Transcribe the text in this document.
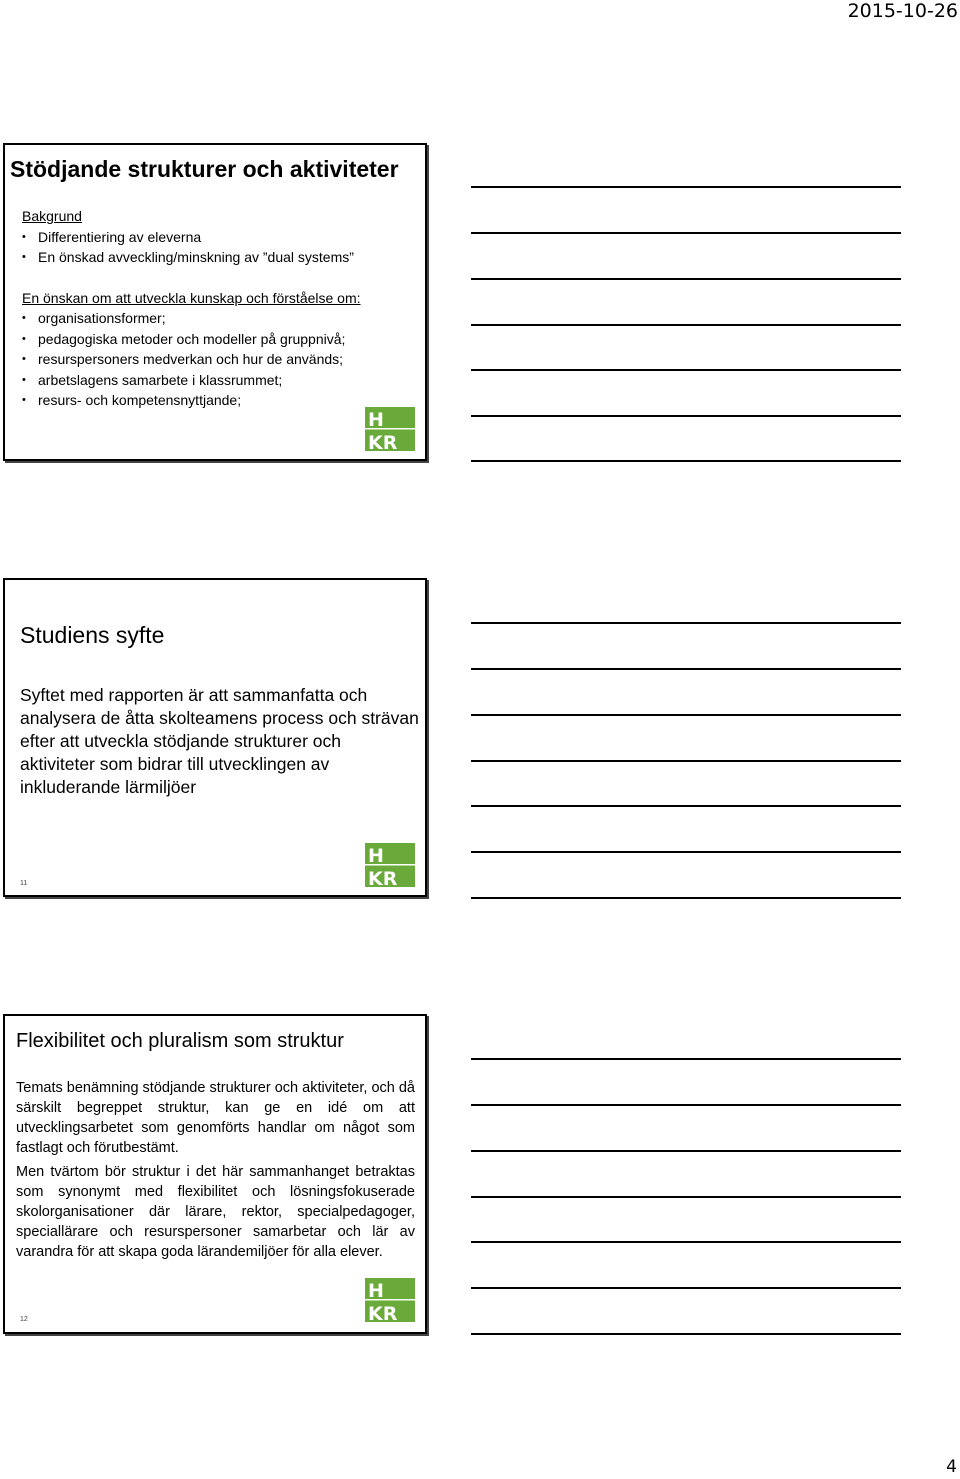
2015-10-26
Stödjande strukturer och aktiviteter
Bakgrund
• Differentiering av eleverna
• En önskad avveckling/minskning av ”dual systems”
En önskan om att utveckla kunskap och förståelse om:
• organisationsformer;
• pedagogiska metoder och modeller på gruppnivå;
• resurspersoners medverkan och hur de används;
• arbetslagens samarbete i klassrummet;
• resurs- och kompetensnyttjande;
H
KR
Studiens syfte
Syftet med rapporten är att sammanfatta och analysera de åtta skolteamens process och strävan efter att utveckla stödjande strukturer och aktiviteter som bidrar till utvecklingen av inkluderande lärmiljöer
11
H
KR
Flexibilitet och pluralism som struktur

Temats benämning stödjande strukturer och aktiviteter, och då särskilt begreppet struktur, kan ge en idé om att utvecklingsarbetet som genomförts handlar om något som fastlagt och förutbestämt.

Men tvärtom bör struktur i det här sammanhanget betraktas som synonymt med flexibilitet och lösningsfokuserade skolorganisationer där lärare, rektor, specialpedagoger, speciallärare och resurspersoner samarbetar och lär av varandra för att skapa goda lärandemiljöer för alla elever.

12
H
KR
4
